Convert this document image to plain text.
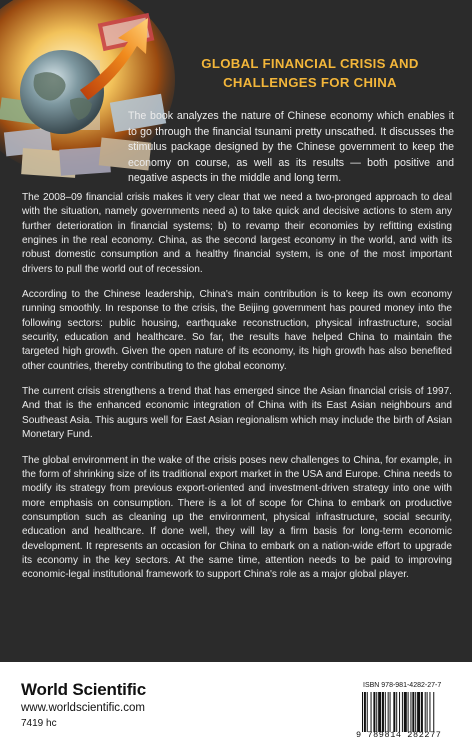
GLOBAL FINANCIAL CRISIS AND
CHALLENGES FOR CHINA
The book analyzes the nature of Chinese economy which enables it to go through the financial tsunami pretty unscathed. It discusses the stimulus package designed by the Chinese government to keep the economy on course, as well as its results — both positive and negative aspects in the middle and long term.

The 2008–09 financial crisis makes it very clear that we need a two-pronged approach to deal with the situation, namely governments need a) to take quick and decisive actions to stem any further deterioration in financial systems; b) to revamp their economies by refitting existing engines in the real economy. China, as the second largest economy in the world, and with its robust domestic consumption and a healthy financial system, is one of the most important drivers to pull the world out of recession.

According to the Chinese leadership, China's main contribution is to keep its own economy running smoothly. In response to the crisis, the Beijing government has poured money into the following sectors: public housing, earthquake reconstruction, physical infrastructure, social security, education and healthcare. So far, the results have helped China to maintain the targeted high growth. Given the open nature of its economy, its high growth has also benefited other countries, thereby contributing to the global economy.

The current crisis strengthens a trend that has emerged since the Asian financial crisis of 1997. And that is the enhanced economic integration of China with its East Asian neighbours and Southeast Asia. This augurs well for East Asian regionalism which may include the birth of Asian Monetary Fund.

The global environment in the wake of the crisis poses new challenges to China, for example, in the form of shrinking size of its traditional export market in the USA and Europe. China needs to modify its strategy from previous export-oriented and investment-driven strategy into one with more emphasis on consumption. There is a lot of scope for China to embark on productive consumption such as cleaning up the environment, physical infrastructure, social security, education and healthcare. If done well, they will lay a firm basis for long-term economic development. It represents an occasion for China to embark on a nation-wide effort to upgrade its economy in the key sectors. At the same time, attention needs to be paid to improving economic-legal institutional framework to support China's role as a major global player.

World Scientific
www.worldscientific.com
7419 hc
ISBN 978-981-4282-27-7
9 789814 282277
